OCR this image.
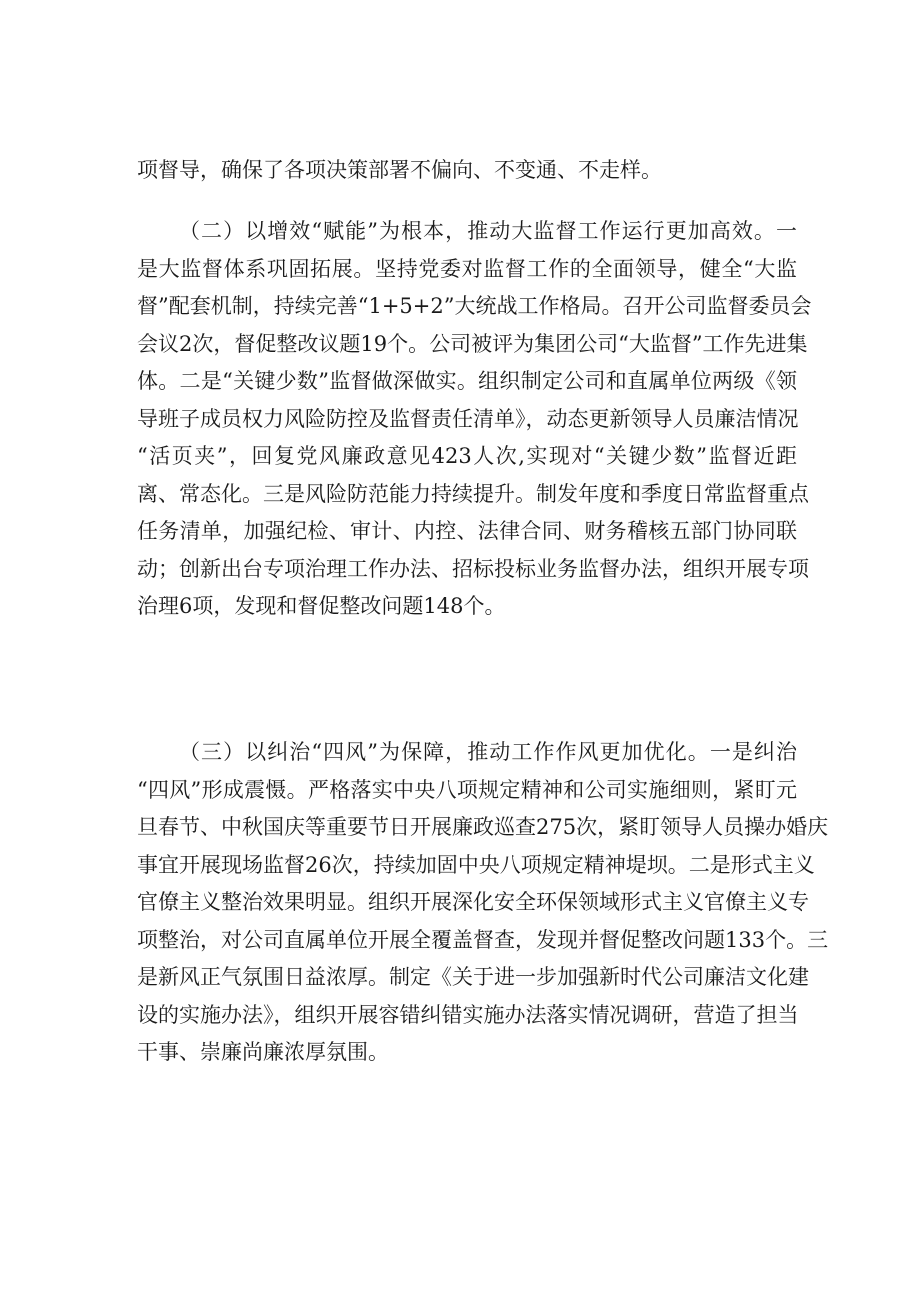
项督导，确保了各项决策部署不偏向、不变通、不走样。
（二）以增效“赋能”为根本，推动大监督工作运行更加高效。一
是大监督体系巩固拓展。坚持党委对监督工作的全面领导，健全“大监
督”配套机制，持续完善“1+5+2”大统战工作格局。召开公司监督委员会
会议2次，督促整改议题19个。公司被评为集团公司“大监督”工作先进集
体。二是“关键少数”监督做深做实。组织制定公司和直属单位两级《领
导班子成员权力风险防控及监督责任清单》，动态更新领导人员廉洁情况
“活页夹”，回复党风廉政意见423人次,实现对“关键少数”监督近距
离、常态化。三是风险防范能力持续提升。制发年度和季度日常监督重点
任务清单，加强纪检、审计、内控、法律合同、财务稽核五部门协同联
动；创新出台专项治理工作办法、招标投标业务监督办法，组织开展专项
治理6项，发现和督促整改问题148个。
（三）以纠治“四风”为保障，推动工作作风更加优化。一是纠治
“四风”形成震慑。严格落实中央八项规定精神和公司实施细则，紧盯元
旦春节、中秋国庆等重要节日开展廉政巡查275次，紧盯领导人员操办婚庆
事宜开展现场监督26次，持续加固中央八项规定精神堤坝。二是形式主义
官僚主义整治效果明显。组织开展深化安全环保领域形式主义官僚主义专
项整治，对公司直属单位开展全覆盖督查，发现并督促整改问题133个。三
是新风正气氛围日益浓厚。制定《关于进一步加强新时代公司廉洁文化建
设的实施办法》，组织开展容错纠错实施办法落实情况调研，营造了担当
干事、崇廉尚廉浓厚氛围。
